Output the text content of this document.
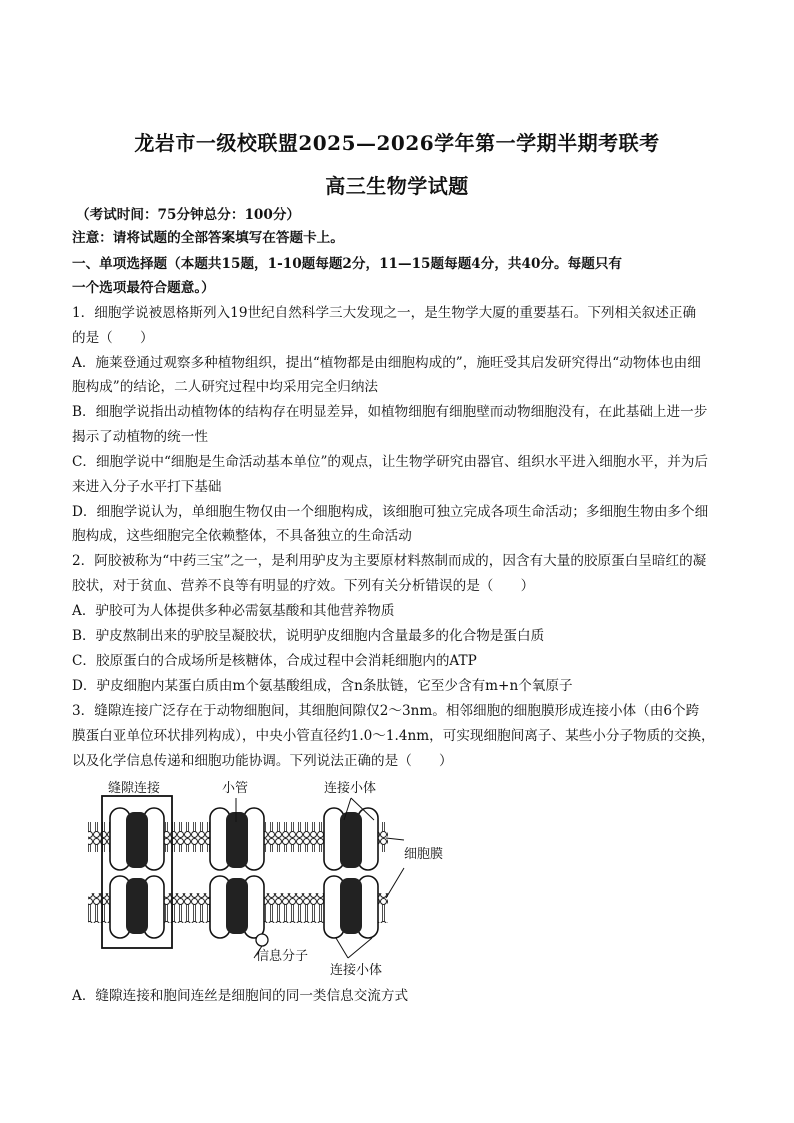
龙岩市一级校联盟2025—2026学年第一学期半期考联考
高三生物学试题
（考试时间：75分钟总分：100分）
注意：请将试题的全部答案填写在答题卡上。
一、单项选择题（本题共15题，1-10题每题2分，11—15题每题4分，共40分。每题只有
一个选项最符合题意。）
1．细胞学说被恩格斯列入19世纪自然科学三大发现之一，是生物学大厦的重要基石。下列相关叙述正确
的是（　　）
A．施莱登通过观察多种植物组织，提出“植物都是由细胞构成的”，施旺受其启发研究得出“动物体也由细
胞构成”的结论，二人研究过程中均采用完全归纳法
B．细胞学说指出动植物体的结构存在明显差异，如植物细胞有细胞壁而动物细胞没有，在此基础上进一步
揭示了动植物的统一性
C．细胞学说中“细胞是生命活动基本单位”的观点，让生物学研究由器官、组织水平进入细胞水平，并为后
来进入分子水平打下基础
D．细胞学说认为，单细胞生物仅由一个细胞构成，该细胞可独立完成各项生命活动；多细胞生物由多个细
胞构成，这些细胞完全依赖整体，不具备独立的生命活动
2．阿胶被称为“中药三宝”之一，是利用驴皮为主要原材料熬制而成的，因含有大量的胶原蛋白呈暗红的凝
胶状，对于贫血、营养不良等有明显的疗效。下列有关分析错误的是（　　）
A．驴胶可为人体提供多种必需氨基酸和其他营养物质
B．驴皮熬制出来的驴胶呈凝胶状，说明驴皮细胞内含量最多的化合物是蛋白质
C．胶原蛋白的合成场所是核糖体，合成过程中会消耗细胞内的ATP
D．驴皮细胞内某蛋白质由m个氨基酸组成，含n条肽链，它至少含有m+n个氧原子
3．缝隙连接广泛存在于动物细胞间，其细胞间隙仅2～3nm。相邻细胞的细胞膜形成连接小体（由6个跨
膜蛋白亚单位环状排列构成），中央小管直径约1.0～1.4nm，可实现细胞间离子、某些小分子物质的交换，
以及化学信息传递和细胞功能协调。下列说法正确的是（　　）
缝隙连接	小管	连接小体
细胞膜
信息分子
连接小体
A．缝隙连接和胞间连丝是细胞间的同一类信息交流方式
